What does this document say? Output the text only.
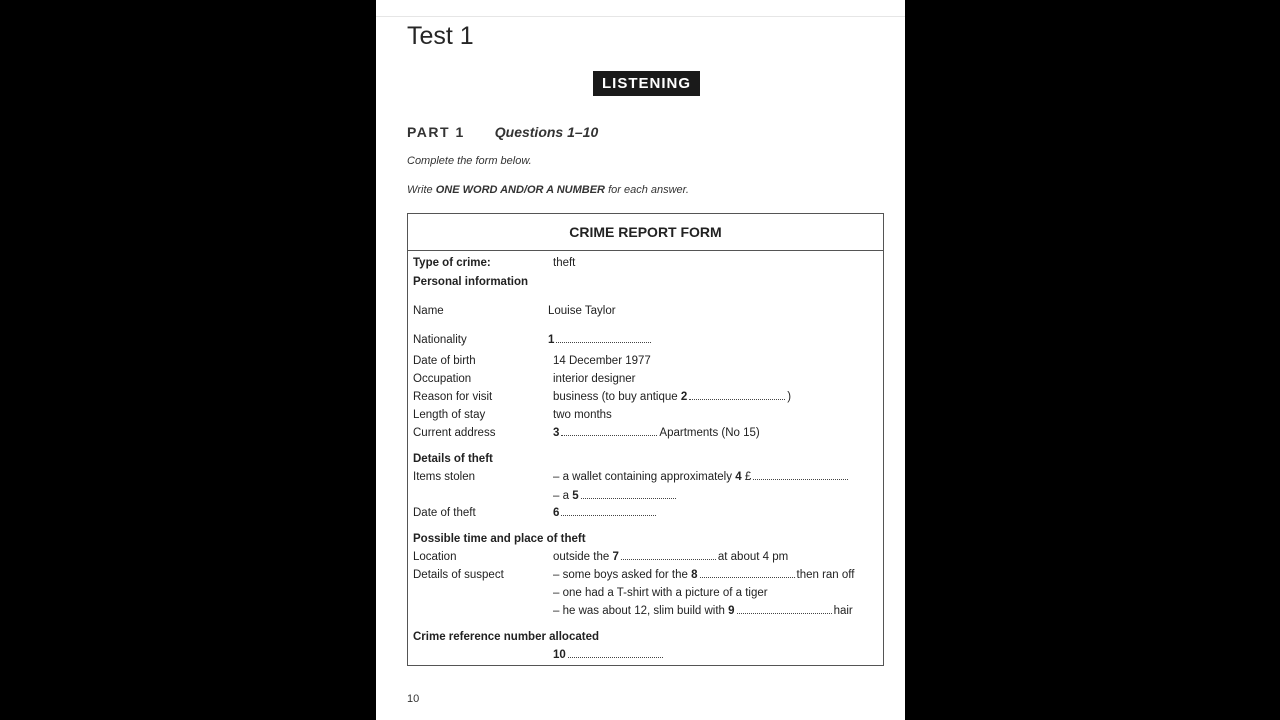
Test 1
LISTENING
PART 1 Questions 1–10
Complete the form below.
Write ONE WORD AND/OR A NUMBER for each answer.
CRIME REPORT FORM
Type of crime:	theft
Personal information
Name	Louise Taylor
Nationality	1
Date of birth	14 December 1977
Occupation	interior designer
Reason for visit	business (to buy antique 2	)
Length of stay	two months
Current address	3	Apartments (No 15)
Details of theft
Items stolen	– a wallet containing approximately 4 £
– a 5
Date of theft	6
Possible time and place of theft
Location	outside the 7	at about 4 pm
Details of suspect	– some boys asked for the 8	then ran off
– one had a T-shirt with a picture of a tiger
– he was about 12, slim build with 9	hair
Crime reference number allocated
10
10
